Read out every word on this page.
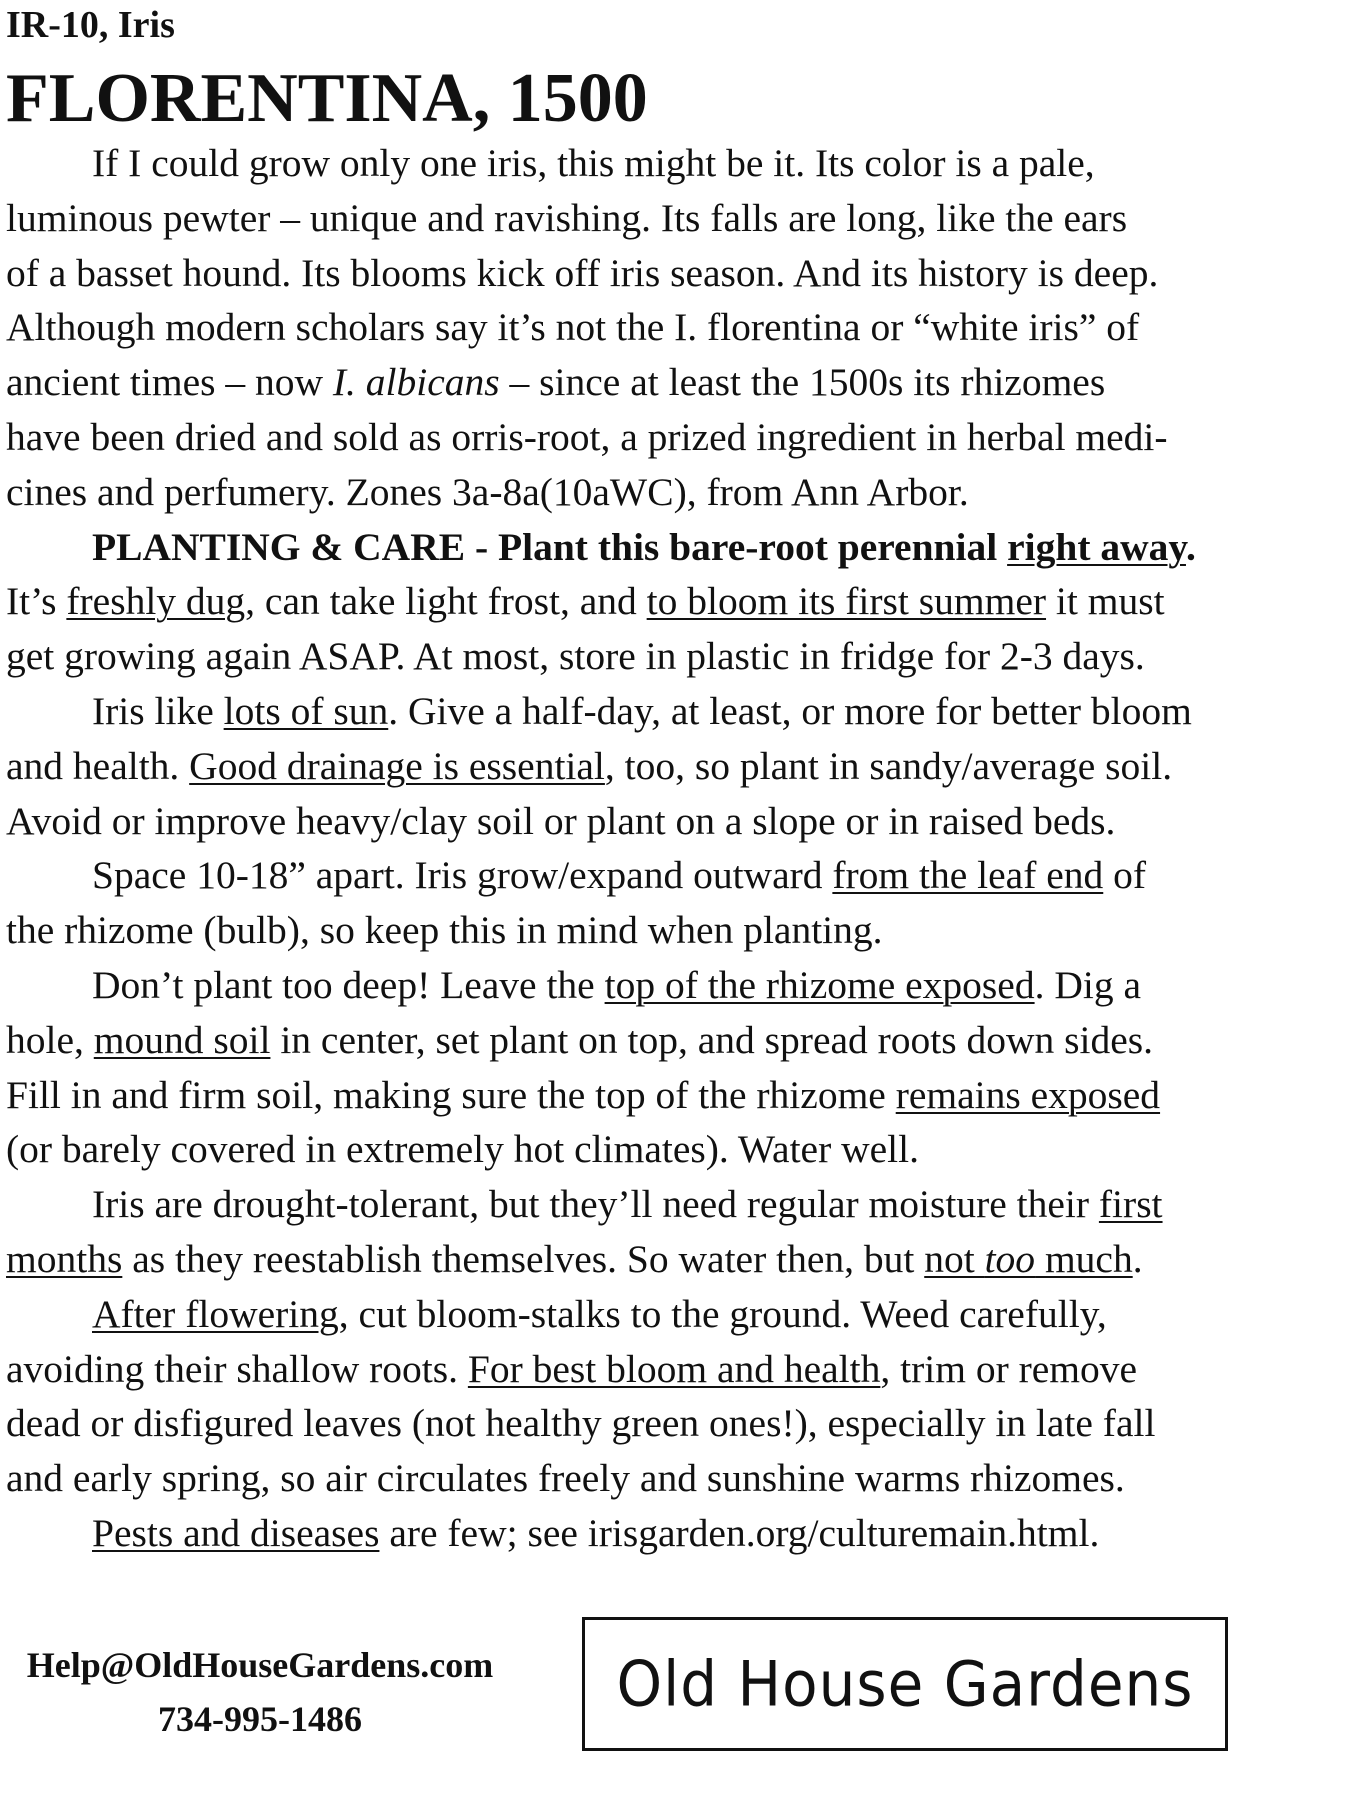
IR-10, Iris
FLORENTINA, 1500
If I could grow only one iris, this might be it. Its color is a pale,
luminous pewter – unique and ravishing. Its falls are long, like the ears
of a basset hound. Its blooms kick off iris season. And its history is deep.
Although modern scholars say it’s not the I. florentina or “white iris” of
ancient times – now I. albicans – since at least the 1500s its rhizomes
have been dried and sold as orris-root, a prized ingredient in herbal medi-
cines and perfumery. Zones 3a-8a(10aWC), from Ann Arbor.
PLANTING & CARE - Plant this bare-root perennial right away.
It’s freshly dug, can take light frost, and to bloom its first summer it must
get growing again ASAP. At most, store in plastic in fridge for 2-3 days.
Iris like lots of sun. Give a half-day, at least, or more for better bloom
and health. Good drainage is essential, too, so plant in sandy/average soil.
Avoid or improve heavy/clay soil or plant on a slope or in raised beds.
Space 10-18” apart. Iris grow/expand outward from the leaf end of
the rhizome (bulb), so keep this in mind when planting.
Don’t plant too deep! Leave the top of the rhizome exposed. Dig a
hole, mound soil in center, set plant on top, and spread roots down sides.
Fill in and firm soil, making sure the top of the rhizome remains exposed
(or barely covered in extremely hot climates). Water well.
Iris are drought-tolerant, but they’ll need regular moisture their first
months as they reestablish themselves. So water then, but not too much.
After flowering, cut bloom-stalks to the ground. Weed carefully,
avoiding their shallow roots. For best bloom and health, trim or remove
dead or disfigured leaves (not healthy green ones!), especially in late fall
and early spring, so air circulates freely and sunshine warms rhizomes.
Pests and diseases are few; see irisgarden.org/culturemain.html.
Help@OldHouseGardens.com
734-995-1486	Old House Gardens
